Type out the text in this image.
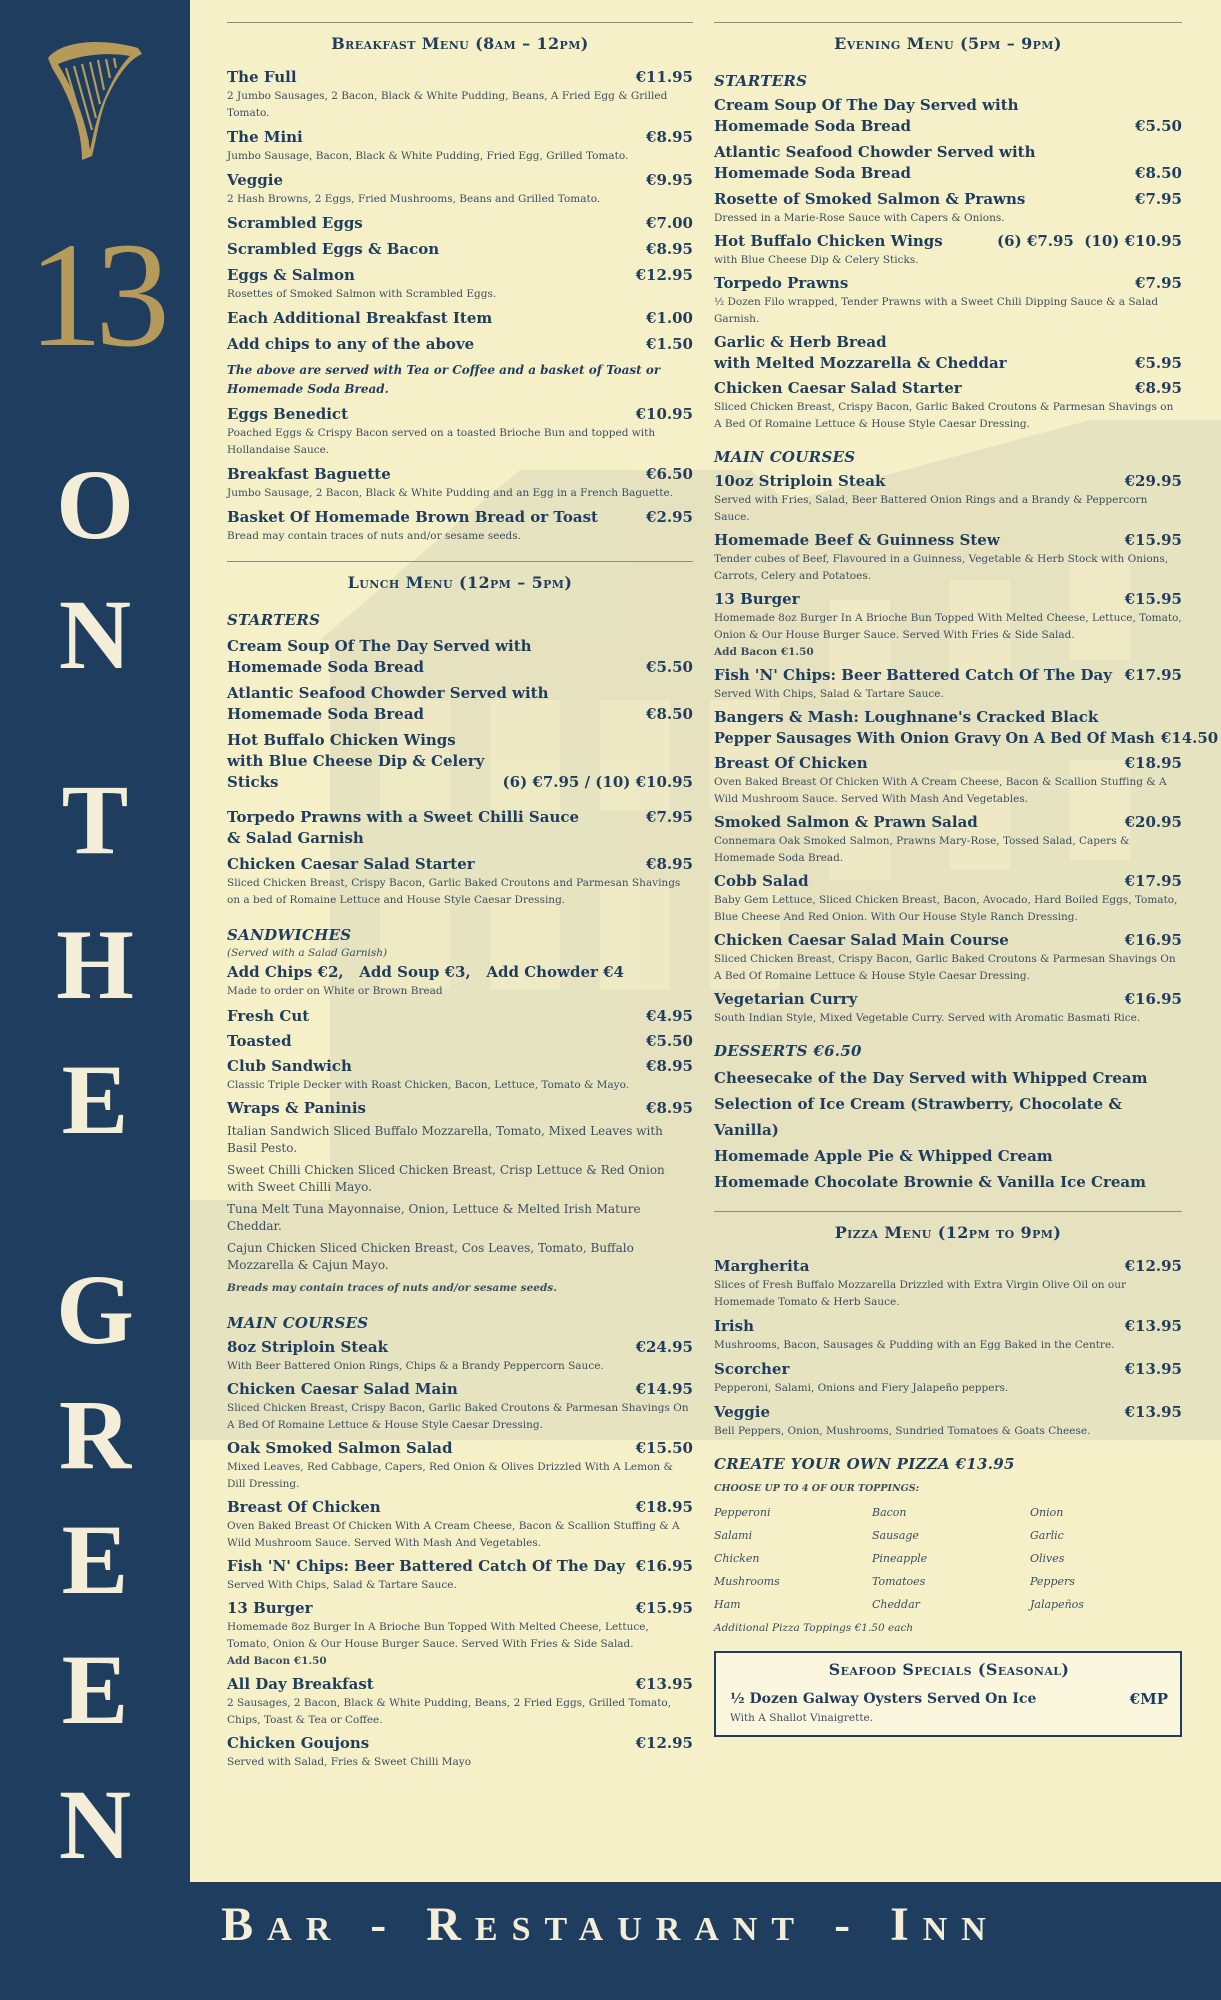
13
O
N
T
H
E
G
R
E
E
N
Breakfast Menu (8am – 12pm)
The Full	€11.95
2 Jumbo Sausages, 2 Bacon, Black & White Pudding, Beans, A Fried Egg & Grilled Tomato.
The Mini	€8.95
Jumbo Sausage, Bacon, Black & White Pudding, Fried Egg, Grilled Tomato.
Veggie	€9.95
2 Hash Browns, 2 Eggs, Fried Mushrooms, Beans and Grilled Tomato.
Scrambled Eggs	€7.00
Scrambled Eggs & Bacon	€8.95
Eggs & Salmon	€12.95
Rosettes of Smoked Salmon with Scrambled Eggs.
Each Additional Breakfast Item	€1.00
Add chips to any of the above	€1.50
The above are served with Tea or Coffee and a basket of Toast or Homemade Soda Bread.
Eggs Benedict	€10.95
Poached Eggs & Crispy Bacon served on a toasted Brioche Bun and topped with Hollandaise Sauce.
Breakfast Baguette	€6.50
Jumbo Sausage, 2 Bacon, Black & White Pudding and an Egg in a French Baguette.
Basket Of Homemade Brown Bread or Toast	€2.95
Bread may contain traces of nuts and/or sesame seeds.
Lunch Menu (12pm – 5pm)
STARTERS
Cream Soup Of The Day Served with
Homemade Soda Bread	€5.50
Atlantic Seafood Chowder Served with
Homemade Soda Bread	€8.50
Hot Buffalo Chicken Wings
with Blue Cheese Dip & Celery Sticks	(6) €7.95 / (10) €10.95
Torpedo Prawns with a Sweet Chilli Sauce	€7.95
& Salad Garnish
Chicken Caesar Salad Starter	€8.95
Sliced Chicken Breast, Crispy Bacon, Garlic Baked Croutons and Parmesan Shavings on a bed of Romaine Lettuce and House Style Caesar Dressing.
SANDWICHES
(Served with a Salad Garnish)
Add Chips €2,   Add Soup €3,   Add Chowder €4
Made to order on White or Brown Bread
Fresh Cut	€4.95
Toasted	€5.50
Club Sandwich	€8.95
Classic Triple Decker with Roast Chicken, Bacon, Lettuce, Tomato & Mayo.
Wraps & Paninis	€8.95
Italian Sandwich Sliced Buffalo Mozzarella, Tomato, Mixed Leaves with Basil Pesto.
Sweet Chilli Chicken Sliced Chicken Breast, Crisp Lettuce & Red Onion with Sweet Chilli Mayo.
Tuna Melt Tuna Mayonnaise, Onion, Lettuce & Melted Irish Mature Cheddar.
Cajun Chicken Sliced Chicken Breast, Cos Leaves, Tomato, Buffalo Mozzarella & Cajun Mayo.
Breads may contain traces of nuts and/or sesame seeds.
MAIN COURSES
8oz Striploin Steak	€24.95
With Beer Battered Onion Rings, Chips & a Brandy Peppercorn Sauce.
Chicken Caesar Salad Main	€14.95
Sliced Chicken Breast, Crispy Bacon, Garlic Baked Croutons & Parmesan Shavings On A Bed Of Romaine Lettuce & House Style Caesar Dressing.
Oak Smoked Salmon Salad	€15.50
Mixed Leaves, Red Cabbage, Capers, Red Onion & Olives Drizzled With A Lemon & Dill Dressing.
Breast Of Chicken	€18.95
Oven Baked Breast Of Chicken With A Cream Cheese, Bacon & Scallion Stuffing & A Wild Mushroom Sauce. Served With Mash And Vegetables.
Fish 'N' Chips: Beer Battered Catch Of The Day €16.95
Served With Chips, Salad & Tartare Sauce.
13 Burger	€15.95
Homemade 8oz Burger In A Brioche Bun Topped With Melted Cheese, Lettuce, Tomato, Onion & Our House Burger Sauce. Served With Fries & Side Salad.
Add Bacon €1.50
All Day Breakfast	€13.95
2 Sausages, 2 Bacon, Black & White Pudding, Beans, 2 Fried Eggs, Grilled Tomato, Chips, Toast & Tea or Coffee.
Chicken Goujons	€12.95
Served with Salad, Fries & Sweet Chilli Mayo
Evening Menu (5pm – 9pm)
STARTERS
Cream Soup Of The Day Served with
Homemade Soda Bread	€5.50
Atlantic Seafood Chowder Served with
Homemade Soda Bread	€8.50
Rosette of Smoked Salmon & Prawns	€7.95
Dressed in a Marie-Rose Sauce with Capers & Onions.
Hot Buffalo Chicken Wings	(6) €7.95  (10) €10.95
with Blue Cheese Dip & Celery Sticks.
Torpedo Prawns	€7.95
½ Dozen Filo wrapped, Tender Prawns with a Sweet Chili Dipping Sauce & a Salad Garnish.
Garlic & Herb Bread
with Melted Mozzarella & Cheddar	€5.95
Chicken Caesar Salad Starter	€8.95
Sliced Chicken Breast, Crispy Bacon, Garlic Baked Croutons & Parmesan Shavings on A Bed Of Romaine Lettuce & House Style Caesar Dressing.
MAIN COURSES
10oz Striploin Steak	€29.95
Served with Fries, Salad, Beer Battered Onion Rings and a Brandy & Peppercorn Sauce.
Homemade Beef & Guinness Stew	€15.95
Tender cubes of Beef, Flavoured in a Guinness, Vegetable & Herb Stock with Onions, Carrots, Celery and Potatoes.
13 Burger	€15.95
Homemade 8oz Burger In A Brioche Bun Topped With Melted Cheese, Lettuce, Tomato, Onion & Our House Burger Sauce. Served With Fries & Side Salad.
Add Bacon €1.50
Fish 'N' Chips: Beer Battered Catch Of The Day €17.95
Served With Chips, Salad & Tartare Sauce.
Bangers & Mash: Loughnane's Cracked Black
Pepper Sausages With Onion Gravy On A Bed Of Mash €14.50
Breast Of Chicken	€18.95
Oven Baked Breast Of Chicken With A Cream Cheese, Bacon & Scallion Stuffing & A Wild Mushroom Sauce. Served With Mash And Vegetables.
Smoked Salmon & Prawn Salad	€20.95
Connemara Oak Smoked Salmon, Prawns Mary-Rose, Tossed Salad, Capers & Homemade Soda Bread.
Cobb Salad	€17.95
Baby Gem Lettuce, Sliced Chicken Breast, Bacon, Avocado, Hard Boiled Eggs, Tomato, Blue Cheese And Red Onion. With Our House Style Ranch Dressing.
Chicken Caesar Salad Main Course	€16.95
Sliced Chicken Breast, Crispy Bacon, Garlic Baked Croutons & Parmesan Shavings On A Bed Of Romaine Lettuce & House Style Caesar Dressing.
Vegetarian Curry	€16.95
South Indian Style, Mixed Vegetable Curry. Served with Aromatic Basmati Rice.
DESSERTS €6.50
Cheesecake of the Day Served with Whipped Cream
Selection of Ice Cream (Strawberry, Chocolate & Vanilla)
Homemade Apple Pie & Whipped Cream
Homemade Chocolate Brownie & Vanilla Ice Cream
Pizza Menu (12pm to 9pm)
Margherita	€12.95
Slices of Fresh Buffalo Mozzarella Drizzled with Extra Virgin Olive Oil on our Homemade Tomato & Herb Sauce.
Irish	€13.95
Mushrooms, Bacon, Sausages & Pudding with an Egg Baked in the Centre.
Scorcher	€13.95
Pepperoni, Salami, Onions and Fiery Jalapeño peppers.
Veggie	€13.95
Bell Peppers, Onion, Mushrooms, Sundried Tomatoes & Goats Cheese.
CREATE YOUR OWN PIZZA €13.95
CHOOSE UP TO 4 OF OUR TOPPINGS:
Pepperoni	Bacon	Onion
Salami	Sausage	Garlic
Chicken	Pineapple	Olives
Mushrooms	Tomatoes	Peppers
Ham	Cheddar	Jalapeños
Additional Pizza Toppings €1.50 each
Seafood Specials (Seasonal)
½ Dozen Galway Oysters Served On Ice	€MP
With A Shallot Vinaigrette.
Bar - Restaurant - Inn
